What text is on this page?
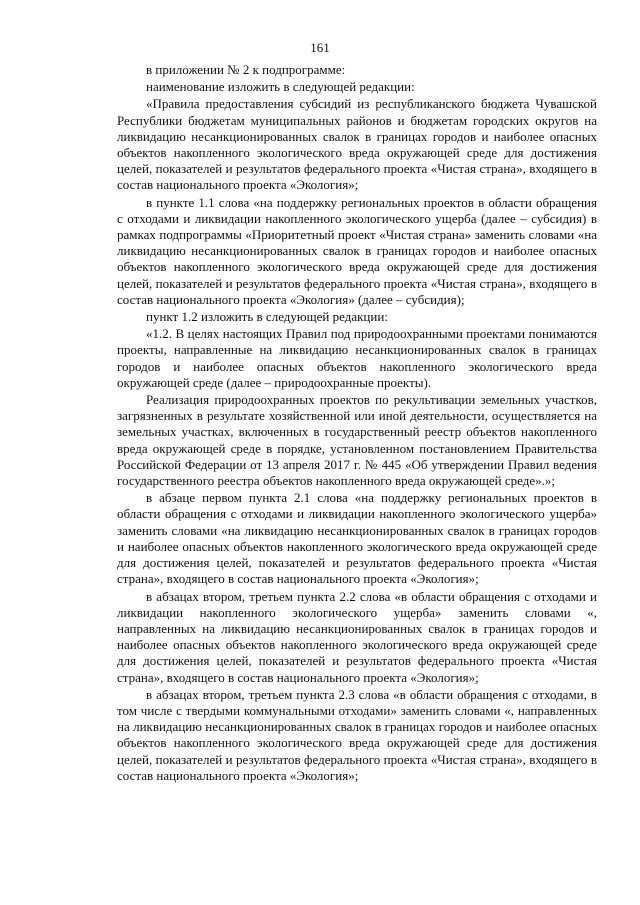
161

в приложении № 2 к подпрограмме:

наименование изложить в следующей редакции:

«Правила предоставления субсидий из республиканского бюджета Чувашской Республики бюджетам муниципальных районов и бюджетам городских округов на ликвидацию несанкционированных свалок в границах городов и наиболее опасных объектов накопленного экологического вреда окружающей среде для достижения целей, показателей и результатов федерального проекта «Чистая страна», входящего в состав национального проекта «Экология»;

в пункте 1.1 слова «на поддержку региональных проектов в области обращения с отходами и ликвидации накопленного экологического ущерба (далее – субсидия) в рамках подпрограммы «Приоритетный проект «Чистая страна» заменить словами «на ликвидацию несанкционированных свалок в границах городов и наиболее опасных объектов накопленного экологического вреда окружающей среде для достижения целей, показателей и результатов федерального проекта «Чистая страна», входящего в состав национального проекта «Экология» (далее – субсидия);

пункт 1.2 изложить в следующей редакции:

«1.2. В целях настоящих Правил под природоохранными проектами понимаются проекты, направленные на ликвидацию несанкционированных свалок в границах городов и наиболее опасных объектов накопленного экологического вреда окружающей среде (далее – природоохранные проекты).

Реализация природоохранных проектов по рекультивации земельных участков, загрязненных в результате хозяйственной или иной деятельности, осуществляется на земельных участках, включенных в государственный реестр объектов накопленного вреда окружающей среде в порядке, установленном постановлением Правительства Российской Федерации от 13 апреля 2017 г. № 445 «Об утверждении Правил ведения государственного реестра объектов накопленного вреда окружающей среде».»;

в абзаце первом пункта 2.1 слова «на поддержку региональных проектов в области обращения с отходами и ликвидации накопленного экологического ущерба» заменить словами «на ликвидацию несанкционированных свалок в границах городов и наиболее опасных объектов накопленного экологического вреда окружающей среде для достижения целей, показателей и результатов федерального проекта «Чистая страна», входящего в состав национального проекта «Экология»;

в абзацах втором, третьем пункта 2.2 слова «в области обращения с отходами и ликвидации накопленного экологического ущерба» заменить словами «, направленных на ликвидацию несанкционированных свалок в границах городов и наиболее опасных объектов накопленного экологического вреда окружающей среде для достижения целей, показателей и результатов федерального проекта «Чистая страна», входящего в состав национального проекта «Экология»;

в абзацах втором, третьем пункта 2.3 слова «в области обращения с отходами, в том числе с твердыми коммунальными отходами» заменить словами «, направленных на ликвидацию несанкционированных свалок в границах городов и наиболее опасных объектов накопленного экологического вреда окружающей среде для достижения целей, показателей и результатов федерального проекта «Чистая страна», входящего в состав национального проекта «Экология»;
